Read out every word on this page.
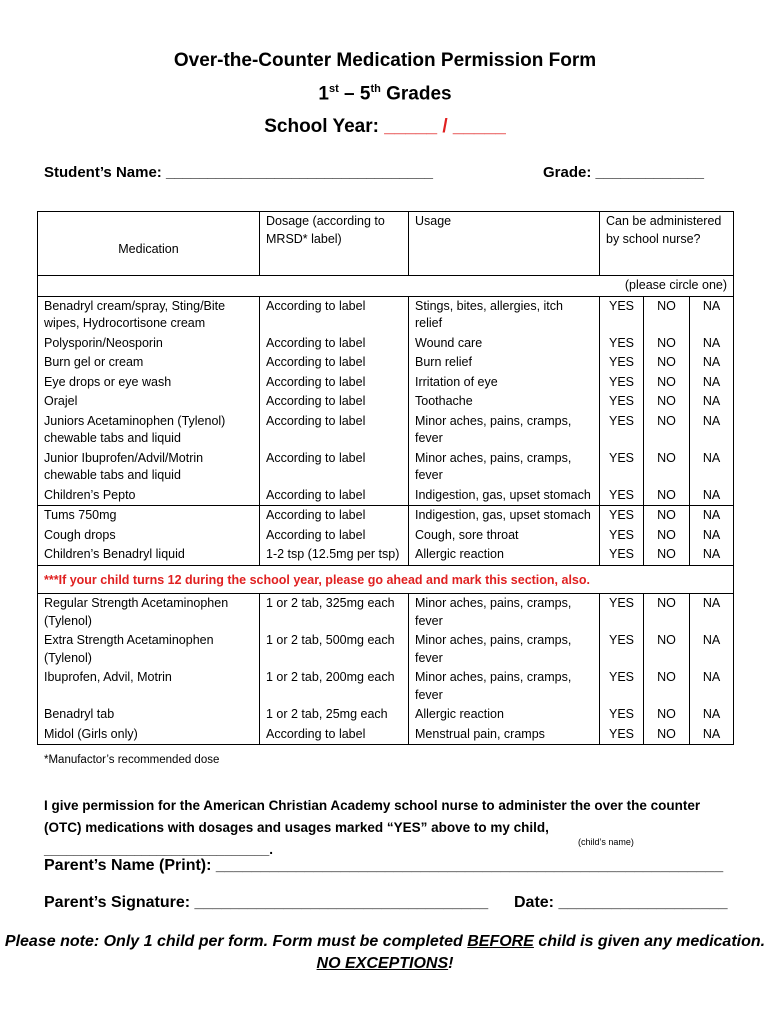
Over-the-Counter Medication Permission Form
1st – 5th Grades
School Year: _____ / _____
Student’s Name: ________________________________	Grade: _____________
Medication	Dosage (according to MRSD* label)	Usage	Can be administered by school nurse?		
			(please circle one)		
Benadryl cream/spray, Sting/Bite wipes, Hydrocortisone cream	According to label	Stings, bites, allergies, itch relief	YES	NO	NA
Polysporin/Neosporin	According to label	Wound care	YES	NO	NA
Burn gel or cream	According to label	Burn relief	YES	NO	NA
Eye drops or eye wash	According to label	Irritation of eye	YES	NO	NA
Orajel	According to label	Toothache	YES	NO	NA
Juniors Acetaminophen (Tylenol) chewable tabs and liquid	According to label	Minor aches, pains, cramps, fever	YES	NO	NA
Junior Ibuprofen/Advil/Motrin chewable tabs and liquid	According to label	Minor aches, pains, cramps, fever	YES	NO	NA
Children’s Pepto	According to label	Indigestion, gas, upset stomach	YES	NO	NA
Tums 750mg	According to label	Indigestion, gas, upset stomach	YES	NO	NA
Cough drops	According to label	Cough, sore throat	YES	NO	NA
Children’s Benadryl liquid	1-2 tsp (12.5mg per tsp)	Allergic reaction	YES	NO	NA
***If your child turns 12 during the school year, please go ahead and mark this section, also.					
Regular Strength Acetaminophen (Tylenol)	1 or 2 tab, 325mg each	Minor aches, pains, cramps, fever	YES	NO	NA
Extra Strength Acetaminophen (Tylenol)	1 or 2 tab, 500mg each	Minor aches, pains, cramps, fever	YES	NO	NA
Ibuprofen, Advil, Motrin	1 or 2 tab, 200mg each	Minor aches, pains, cramps, fever	YES	NO	NA
Benadryl tab	1 or 2 tab, 25mg each	Allergic reaction	YES	NO	NA
Midol (Girls only)	According to label	Menstrual pain, cramps	YES	NO	NA
*Manufactor’s recommended dose
I give permission for the American Christian Academy school nurse to administer the over the counter (OTC) medications with dosages and usages marked “YES” above to my child, ______________________________.	(child’s name)
Parent’s Name (Print): _________________________________________________________
Parent’s Signature: _________________________________ Date: ___________________
Please note: Only 1 child per form. Form must be completed BEFORE child is given any medication. NO EXCEPTIONS!
